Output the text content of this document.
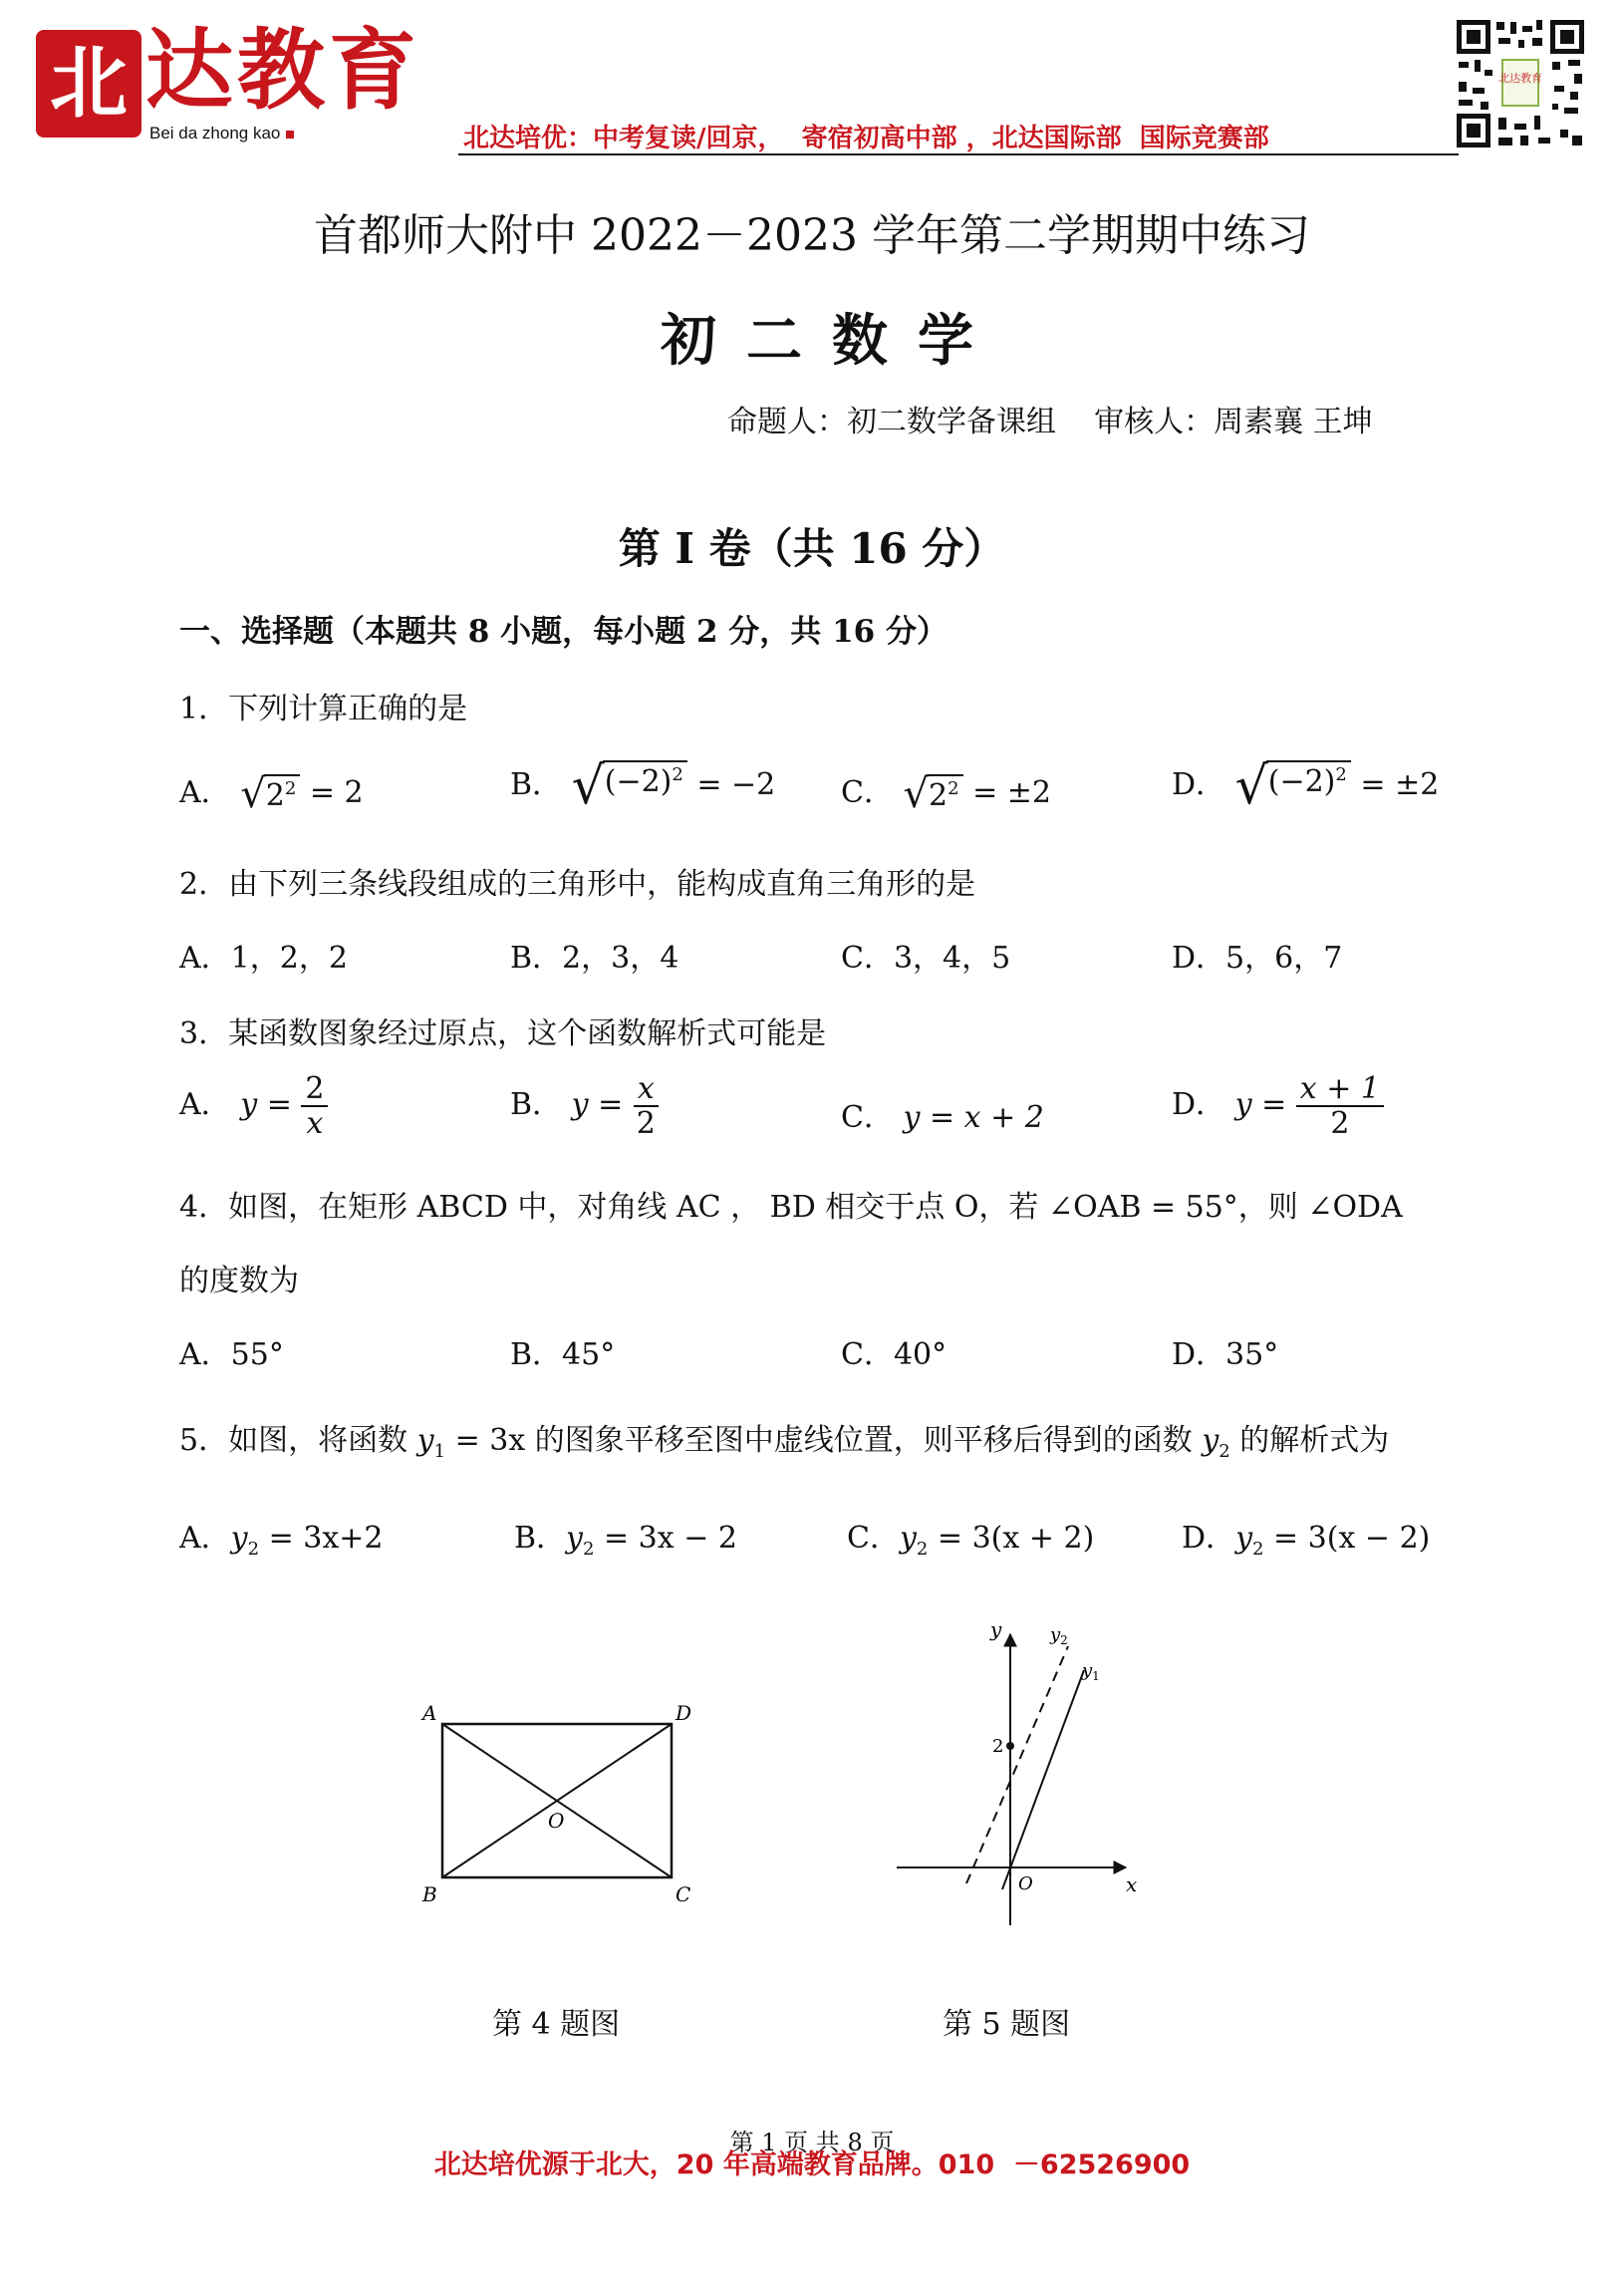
北 达教育
Bei da zhong kao	北达培优：中考复读/回京，  寄宿初高中部 ，北达国际部  国际竞赛部
北达教育
首都师大附中 2022－2023 学年第二学期期中练习
初二数学
命题人：初二数学备课组    审核人：周素襄 王坤
第 I 卷（共 16 分）
一、选择题（本题共 8 小题，每小题 2 分，共 16 分）
1．下列计算正确的是
A． √ $2^2 = 2$	B． √ $(-2)^2 = -2$ C． √ $2^2 = \pm 2$	D． √ $(-2)^2 = \pm 2$
2．由下列三条线段组成的三角形中，能构成直角三角形的是
A．1，2，2	B．2，3，4	C．3，4，5	D．5，6，7
3．某函数图象经过原点，这个函数解析式可能是
A． $y = \frac{2}{x}$	B． $y = \frac{x}{2}$	C． y = x + 2	D． $y = \frac{x + 1}{2}$
4．如图，在矩形 ABCD 中，对角线 AC ， BD 相交于点 O，若 ∠OAB = 55°，则 ∠ODA
的度数为
A．55°	B．45°	C．40°	D．35°
5．如图，将函数 $y_1 = 3x$ 的图象平移至图中虚线位置，则平移后得到的函数 $y_2$ 的解析式为
A．$y_2 = 3x+2$	B．$y_2 = 3x - 2$	C．$y_2 = 3(x + 2)$	D．$y_2 = 3(x - 2)$
A	D
B	C
O
y
x
O
2
$y_2$
$y_1$
第 4 题图	第 5 题图
第 1 页 共 8 页
北达培优源于北大，20 年高端教育品牌。010  －62526900
